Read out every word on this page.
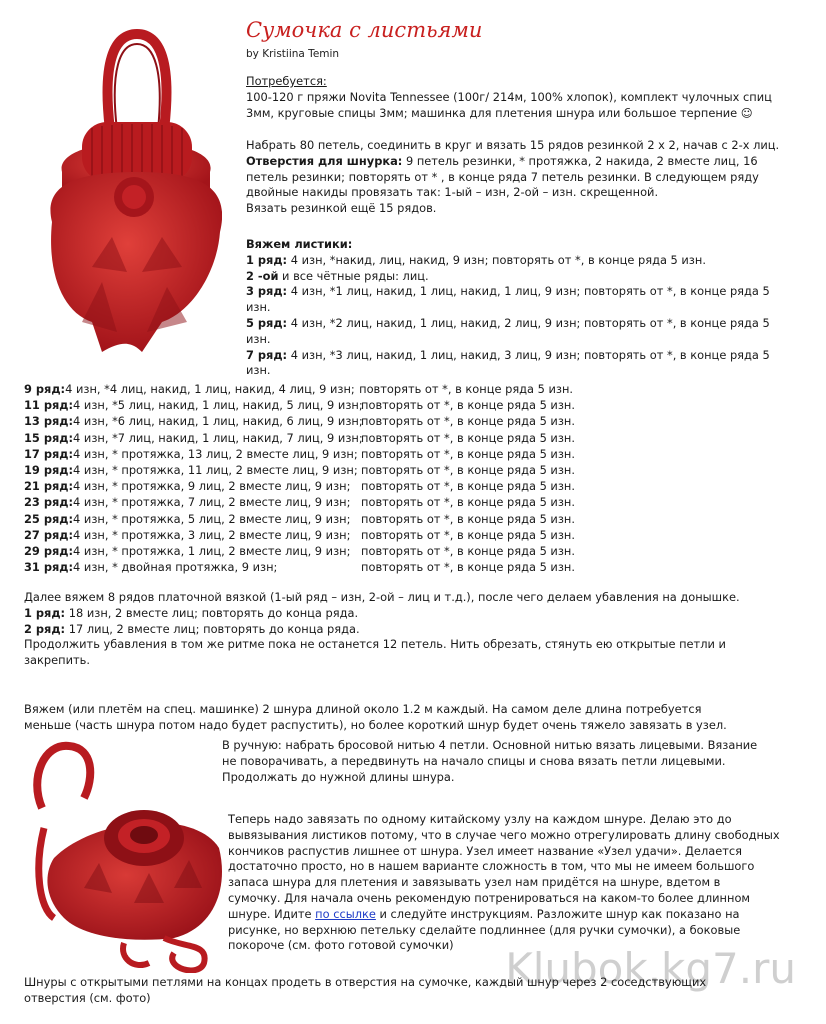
Сумочка с листьями
by Kristiina Temin
Потребуется:
100-120 г пряжи Novita Tennessee (100г/ 214м, 100% хлопок), комплект чулочных спиц
3мм, круговые спицы 3мм; машинка для плетения шнура или большое терпение ☺
Набрать 80 петель, соединить в круг и вязать 15 рядов резинкой 2 х 2, начав с 2-х лиц.
Отверстия для шнурка: 9 петель резинки, * протяжка, 2 накида, 2 вместе лиц, 16
петель резинки; повторять от * , в конце ряда 7 петель резинки. В следующем ряду
двойные накиды провязать так: 1-ый – изн, 2-ой – изн. скрещенной.
Вязать резинкой ещё 15 рядов.
Вяжем листики:
1 ряд: 4 изн, *накид, лиц, накид, 9 изн; повторять от *, в конце ряда 5 изн.
2 -ой и все чётные ряды: лиц.
3 ряд: 4 изн, *1 лиц, накид, 1 лиц, накид, 1 лиц, 9 изн; повторять от *, в конце ряда 5
изн.
5 ряд: 4 изн, *2 лиц, накид, 1 лиц, накид, 2 лиц, 9 изн; повторять от *, в конце ряда 5
изн.
7 ряд: 4 изн, *3 лиц, накид, 1 лиц, накид, 3 лиц, 9 изн; повторять от *, в конце ряда 5
изн.
9 ряд:4 изн, *4 лиц, накид, 1 лиц, накид, 4 лиц, 9 изн; повторять от *, в конце ряда 5 изн.
11 ряд:4 изн, *5 лиц, накид, 1 лиц, накид, 5 лиц, 9 изн;повторять от *, в конце ряда 5 изн.
13 ряд:4 изн, *6 лиц, накид, 1 лиц, накид, 6 лиц, 9 изн;повторять от *, в конце ряда 5 изн.
15 ряд:4 изн, *7 лиц, накид, 1 лиц, накид, 7 лиц, 9 изн;повторять от *, в конце ряда 5 изн.
17 ряд:4 изн, * протяжка, 13 лиц, 2 вместе лиц, 9 изн; повторять от *, в конце ряда 5 изн.
19 ряд:4 изн, * протяжка, 11 лиц, 2 вместе лиц, 9 изн; повторять от *, в конце ряда 5 изн.
21 ряд:4 изн, * протяжка, 9 лиц, 2 вместе лиц, 9 изн; повторять от *, в конце ряда 5 изн.
23 ряд:4 изн, * протяжка, 7 лиц, 2 вместе лиц, 9 изн; повторять от *, в конце ряда 5 изн.
25 ряд:4 изн, * протяжка, 5 лиц, 2 вместе лиц, 9 изн; повторять от *, в конце ряда 5 изн.
27 ряд:4 изн, * протяжка, 3 лиц, 2 вместе лиц, 9 изн; повторять от *, в конце ряда 5 изн.
29 ряд:4 изн, * протяжка, 1 лиц, 2 вместе лиц, 9 изн; повторять от *, в конце ряда 5 изн.
31 ряд:4 изн, * двойная протяжка, 9 изн;	повторять от *, в конце ряда 5 изн.
Далее вяжем 8 рядов платочной вязкой (1-ый ряд – изн, 2-ой – лиц и т.д.), после чего делаем убавления на донышке.
1 ряд: 18 изн, 2 вместе лиц; повторять до конца ряда.
2 ряд: 17 лиц, 2 вместе лиц; повторять до конца ряда.
Продолжить убавления в том же ритме пока не останется 12 петель. Нить обрезать, стянуть ею открытые петли и
закрепить.
Вяжем (или плетём на спец. машинке) 2 шнура длиной около 1.2 м каждый. На самом деле длина потребуется
меньше (часть шнура потом надо будет распустить), но более короткий шнур будет очень тяжело завязать в узел.
В ручную: набрать бросовой нитью 4 петли. Основной нитью вязать лицевыми. Вязание
не поворачивать, а передвинуть на начало спицы и снова вязать петли лицевыми.
Продолжать до нужной длины шнура.
Теперь надо завязать по одному китайскому узлу на каждом шнуре. Делаю это до
вывязывания листиков потому, что в случае чего можно отрегулировать длину свободных
кончиков распустив лишнее от шнура. Узел имеет название «Узел удачи». Делается
достаточно просто, но в нашем варианте сложность в том, что мы не имеем большого
запаса шнура для плетения и завязывать узел нам придётся на шнуре, вдетом в
сумочку. Для начала очень рекомендую потренироваться на каком-то более длинном
шнуре. Идите по ссылке и следуйте инструкциям. Разложите шнур как показано на
рисунке, но верхнюю петельку сделайте подлиннее (для ручки сумочки), а боковые
покороче (см. фото готовой сумочки)	Klubok.kg7.ru
Шнуры с открытыми петлями на концах продеть в отверстия на сумочке, каждый шнур через 2 соседствующих
отверстия (см. фото)
